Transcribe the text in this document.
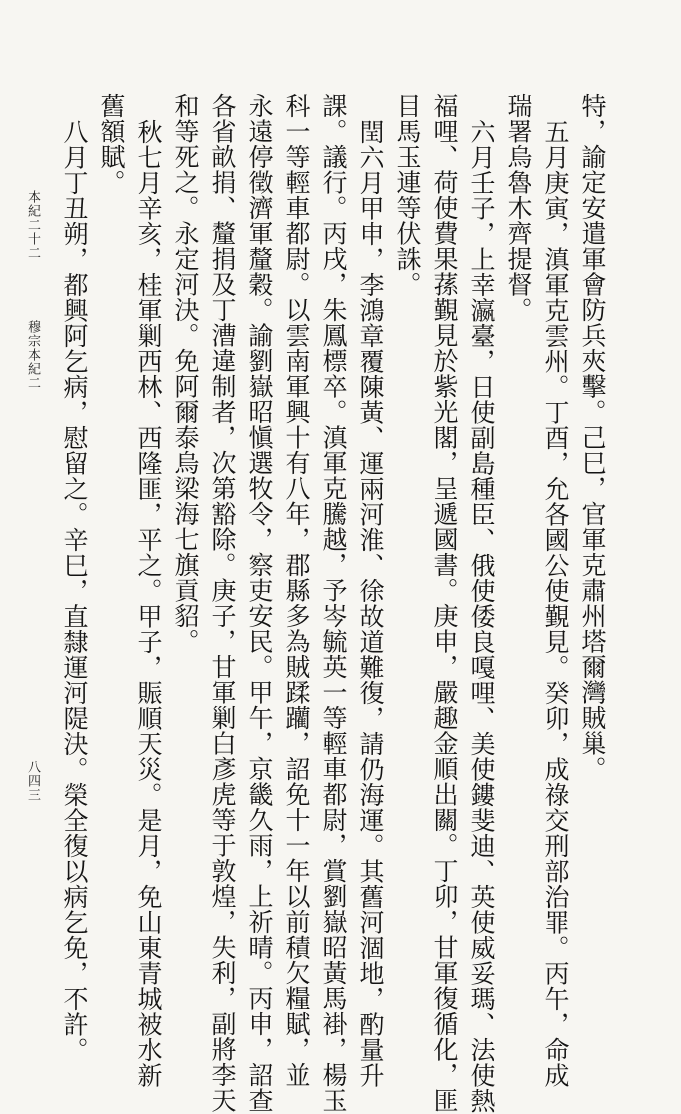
特，諭定安遣軍會防兵夾擊。己巳，官軍克肅州塔爾灣賊巢。
五月庚寅，滇軍克雲州。丁酉，允各國公使覲見。癸卯，成祿交刑部治罪。丙午，命成
瑞署烏魯木齊提督。
六月壬子，上幸瀛臺，日使副島種臣、俄使倭良嘎哩、美使鏤斐迪、英使威妥瑪、法使熱
福哩、荷使費果蓀覲見於紫光閣，呈遞國書。庚申，嚴趣金順出關。丁卯，甘軍復循化，匪
目馬玉連等伏誅。
閏六月甲申，李鴻章覆陳黃、運兩河淮、徐故道難復，請仍海運。其舊河涸地，酌量升
課。議行。丙戌，朱鳳標卒。滇軍克騰越，予岑毓英一等輕車都尉，賞劉嶽昭黃馬褂，楊玉
科一等輕車都尉。以雲南軍興十有八年，郡縣多為賊蹂躪，詔免十一年以前積欠糧賦，並
永遠停徵濟軍釐穀。諭劉嶽昭愼選牧令，察吏安民。甲午，京畿久雨，上祈晴。丙申，詔查
各省畝捐、釐捐及丁漕違制者，次第豁除。庚子，甘軍剿白彥虎等于敦煌，失利，副將李天
和等死之。永定河決。免阿爾泰烏梁海七旗貢貂。
秋七月辛亥，桂軍剿西林、西隆匪，平之。甲子，賑順天災。是月，免山東青城被水新
舊額賦。
八月丁丑朔，都興阿乞病，慰留之。辛巳，直隸運河隄決。榮全復以病乞免，不許。
本紀二十二
穆宗本紀二
八四三
